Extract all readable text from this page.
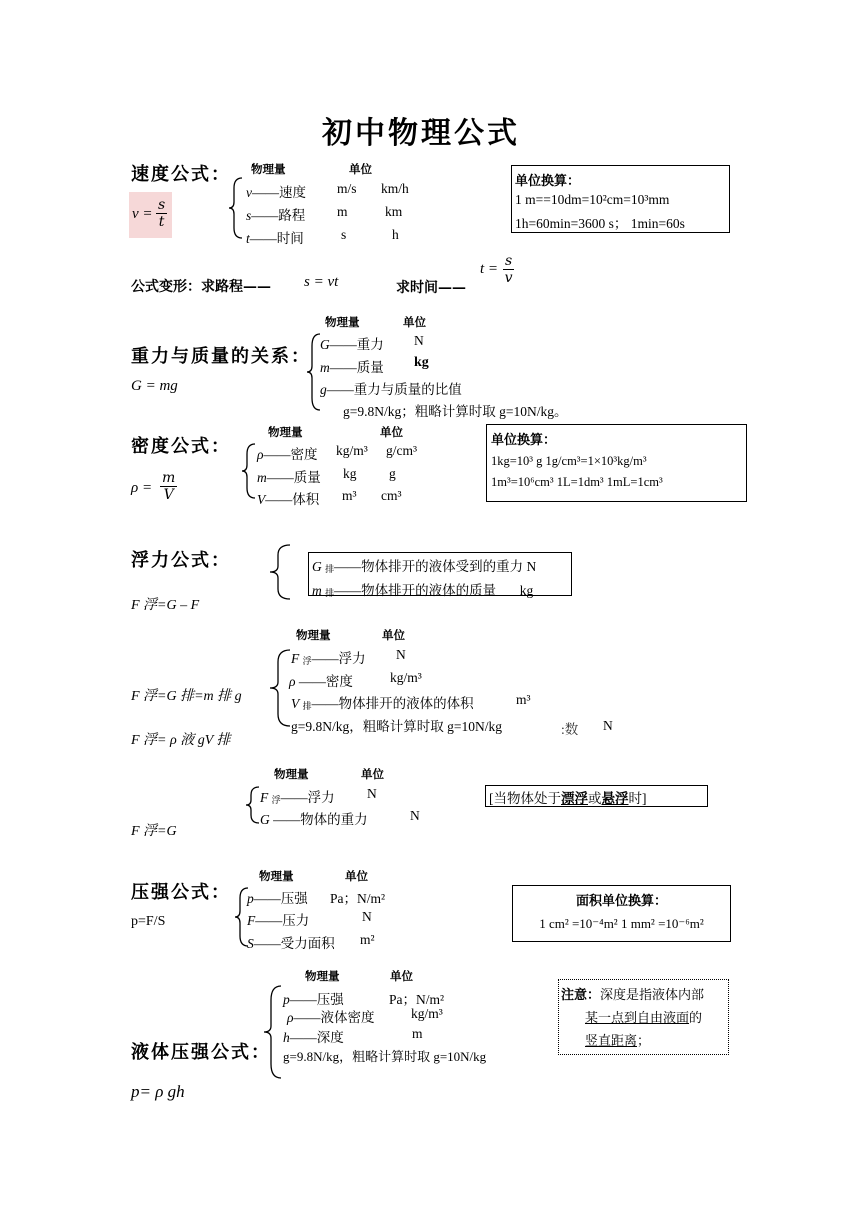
初中物理公式
速度公式：
$v = \frac{s}{t}$
物理量	单位
v——速度 m/s km/h
s——路程 m	km
t——时间	s	h
单位换算：
1 m==10dm=10²cm=10³mm
1h=60min=3600 s； 1min=60s
公式变形：求路程—— s = vt	求时间——
$t = \frac{s}{v}$
重力与质量的关系：
G = mg
物理量	单位
G——重力 N
m——质量 kg
g——重力与质量的比值
g=9.8N/kg；粗略计算时取 g=10N/kg。
密度公式：
$\rho = \frac{m}{V}$
物理量	单位
ρ——密度 kg/m³ g/cm³
m——质量 kg g
V——体积 m³ cm³
单位换算：
1kg=10³ g 1g/cm³=1×10³kg/m³
1m³=10⁶cm³ 1L=1dm³ 1mL=1cm³
浮力公式：
F 浮=G – F
G 排——物体排开的液体受到的重力 N
m 排——物体排开的液体的质量 kg
物理量	单位
F 浮=G 排=m 排 g
F 浮= ρ 液 gV 排
F 浮——浮力 N
ρ ——密度	kg/m³
V 排——物体排开的液体的体积	m³
g=9.8N/kg，粗略计算时取 g=10N/kg	:数 N
物理量	单位
F 浮——浮力 N
G ——物体的重力	N
F 浮=G
[当物体处于漂浮或悬浮时]
压强公式：
p=F/S
物理量	单位
p——压强 Pa；N/m²
F——压力	N
S——受力面积 m²
面积单位换算：
1 cm² =10⁻⁴m² 1 mm² =10⁻⁶m²
物理量	单位
p——压强	Pa；N/m²
ρ——液体密度	kg/m³
h——深度	m
g=9.8N/kg，粗略计算时取 g=10N/kg
液体压强公式：
p= ρ gh
注意：深度是指液体内部
某一点到自由液面的
竖直距离；
